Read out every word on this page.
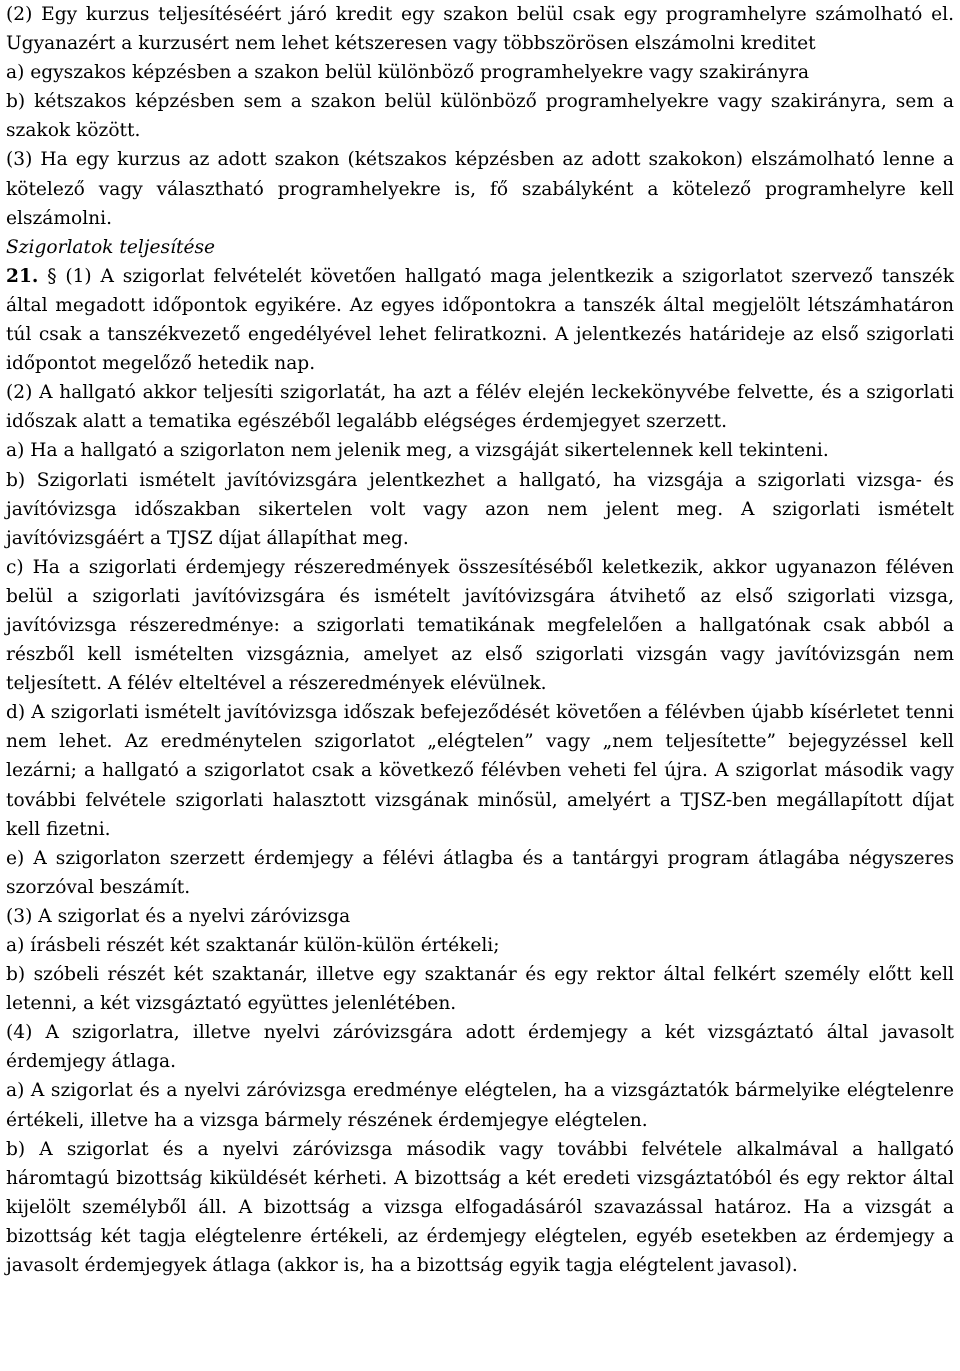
(2) Egy kurzus teljesítéséért járó kredit egy szakon belül csak egy programhelyre számolható el. Ugyanazért a kurzusért nem lehet kétszeresen vagy többszörösen elszámolni kreditet

a) egyszakos képzésben a szakon belül különböző programhelyekre vagy szakirányra

b) kétszakos képzésben sem a szakon belül különböző programhelyekre vagy szakirányra, sem a szakok között.

(3) Ha egy kurzus az adott szakon (kétszakos képzésben az adott szakokon) elszámolható lenne a kötelező vagy választható programhelyekre is, fő szabályként a kötelező programhelyre kell elszámolni.

Szigorlatok teljesítése

21. § (1) A szigorlat felvételét követően hallgató maga jelentkezik a szigorlatot szervező tanszék által megadott időpontok egyikére. Az egyes időpontokra a tanszék által megjelölt létszámhatáron túl csak a tanszékvezető engedélyével lehet feliratkozni. A jelentkezés határideje az első szigorlati időpontot megelőző hetedik nap.

(2) A hallgató akkor teljesíti szigorlatát, ha azt a félév elején leckekönyvébe felvette, és a szigorlati időszak alatt a tematika egészéből legalább elégséges érdemjegyet szerzett.

a) Ha a hallgató a szigorlaton nem jelenik meg, a vizsgáját sikertelennek kell tekinteni.

b) Szigorlati ismételt javítóvizsgára jelentkezhet a hallgató, ha vizsgája a szigorlati vizsga- és javítóvizsga időszakban sikertelen volt vagy azon nem jelent meg. A szigorlati ismételt javítóvizsgáért a TJSZ díjat állapíthat meg.

c) Ha a szigorlati érdemjegy részeredmények összesítéséből keletkezik, akkor ugyanazon féléven belül a szigorlati javítóvizsgára és ismételt javítóvizsgára átvihető az első szigorlati vizsga, javítóvizsga részeredménye: a szigorlati tematikának megfelelően a hallgatónak csak abból a részből kell ismételten vizsgáznia, amelyet az első szigorlati vizsgán vagy javítóvizsgán nem teljesített. A félév elteltével a részeredmények elévülnek.

d) A szigorlati ismételt javítóvizsga időszak befejeződését követően a félévben újabb kísérletet tenni nem lehet. Az eredménytelen szigorlatot „elégtelen” vagy „nem teljesítette” bejegyzéssel kell lezárni; a hallgató a szigorlatot csak a következő félévben veheti fel újra. A szigorlat második vagy további felvétele szigorlati halasztott vizsgának minősül, amelyért a TJSZ-ben megállapított díjat kell fizetni.

e) A szigorlaton szerzett érdemjegy a félévi átlagba és a tantárgyi program átlagába négyszeres szorzóval beszámít.

(3) A szigorlat és a nyelvi záróvizsga

a) írásbeli részét két szaktanár külön-külön értékeli;

b) szóbeli részét két szaktanár, illetve egy szaktanár és egy rektor által felkért személy előtt kell letenni, a két vizsgáztató együttes jelenlétében.

(4) A szigorlatra, illetve nyelvi záróvizsgára adott érdemjegy a két vizsgáztató által javasolt érdemjegy átlaga.

a) A szigorlat és a nyelvi záróvizsga eredménye elégtelen, ha a vizsgáztatók bármelyike elégtelenre értékeli, illetve ha a vizsga bármely részének érdemjegye elégtelen.

b) A szigorlat és a nyelvi záróvizsga második vagy további felvétele alkalmával a hallgató háromtagú bizottság kiküldését kérheti. A bizottság a két eredeti vizsgáztatóból és egy rektor által kijelölt személyből áll. A bizottság a vizsga elfogadásáról szavazással határoz. Ha a vizsgát a bizottság két tagja elégtelenre értékeli, az érdemjegy elégtelen, egyéb esetekben az érdemjegy a javasolt érdemjegyek átlaga (akkor is, ha a bizottság egyik tagja elégtelent javasol).
